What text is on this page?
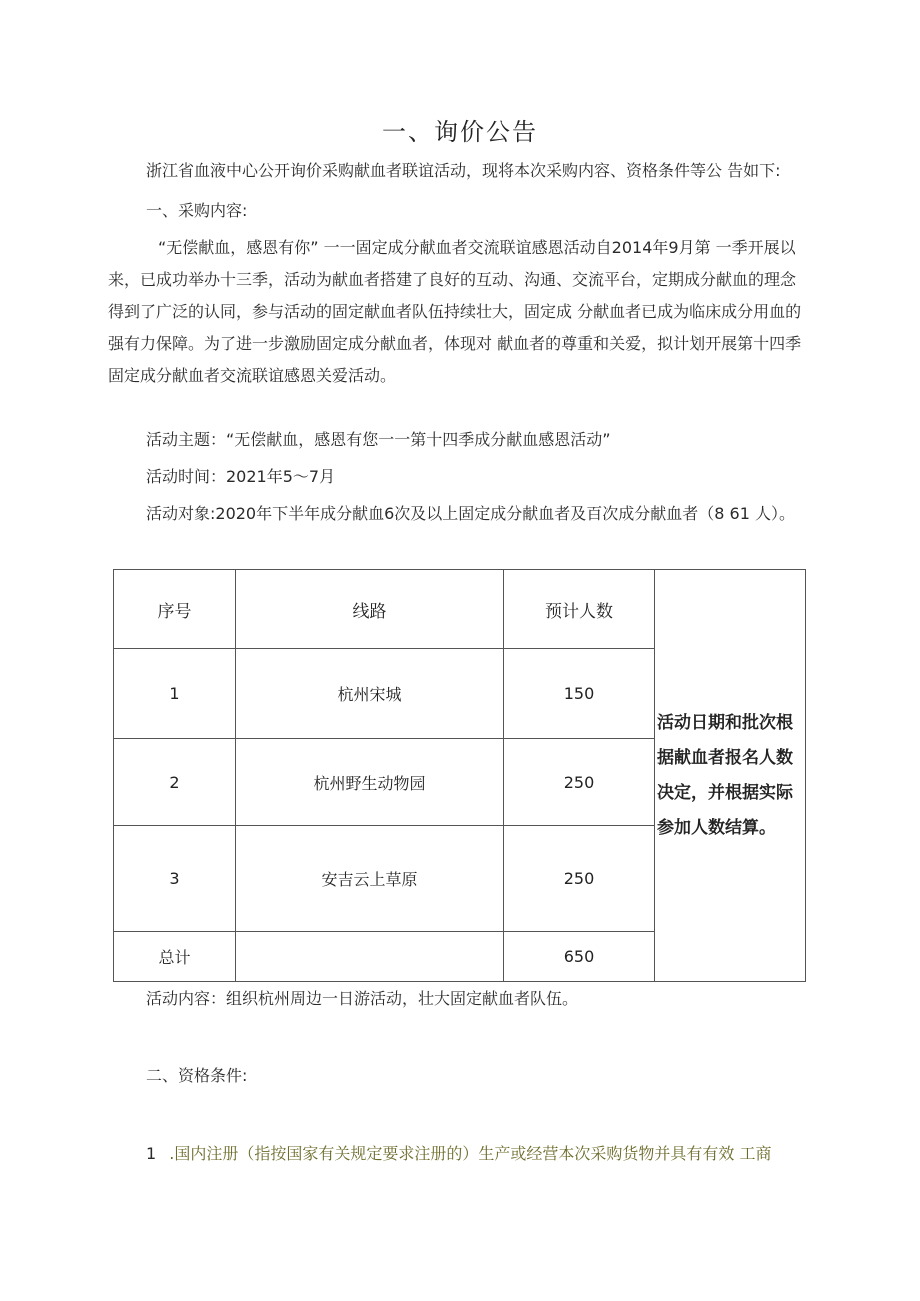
一、询价公告
浙江省血液中心公开询价采购献血者联谊活动，现将本次采购内容、资格条件等公 告如下:
一、采购内容:
“无偿献血，感恩有你” 一一固定成分献血者交流联谊感恩活动自2014年9月第 一季开展以来，已成功举办十三季，活动为献血者搭建了良好的互动、沟通、交流平台，定期成分献血的理念得到了广泛的认同，参与活动的固定献血者队伍持续壮大，固定成 分献血者已成为临床成分用血的强有力保障。为了进一步激励固定成分献血者，体现对 献血者的尊重和关爱，拟计划开展第十四季固定成分献血者交流联谊感恩关爱活动。
活动主题：“无偿献血，感恩有您一一第十四季成分献血感恩活动”
活动时间：2021年5～7月
活动对象:2020年下半年成分献血6次及以上固定成分献血者及百次成分献血者（8 61 人）。
序号	线路	预计人数	活动日期和批次根据献血者报名人数决定，并根据实际参加人数结算。

1	杭州宋城	150	
2	杭州野生动物园	250	
3	安吉云上草原	250	
总计		650	
活动内容：组织杭州周边一日游活动，壮大固定献血者队伍。
二、资格条件:
1 .国内注册（指按国家有关规定要求注册的）生产或经营本次采购货物并具有有效 工商
